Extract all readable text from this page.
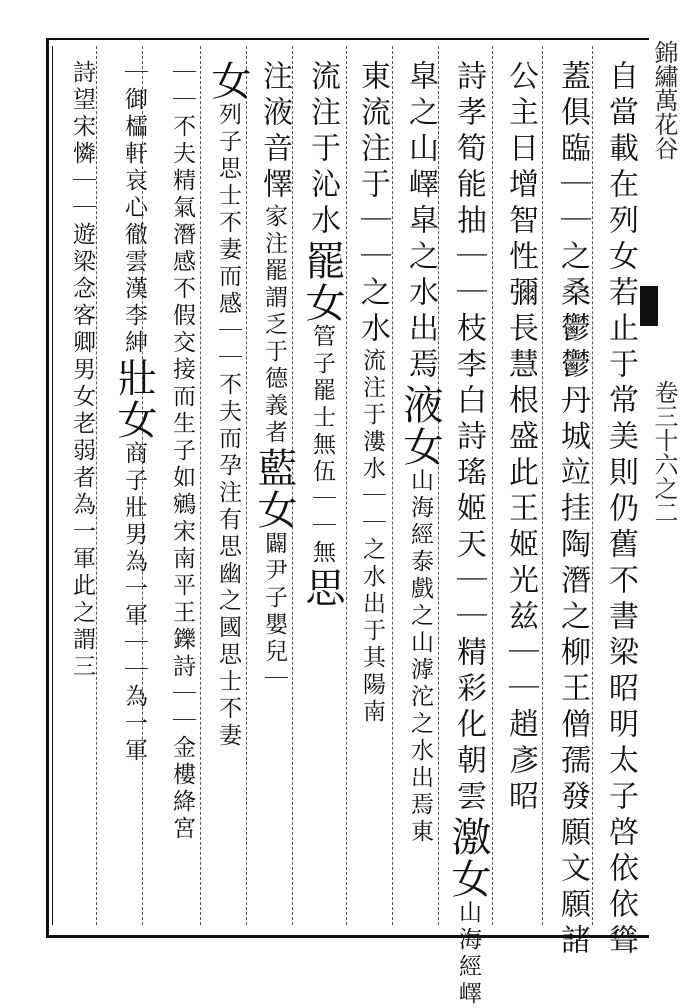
錦繡萬花谷
卷三十六之二
自當載在列女若止于常美則仍舊不書梁昭明太子啓依依聳
蓋俱臨｜｜之桑鬱鬱丹城竝挂陶潛之柳王僧孺發願文願諸
公主日增智性彌長慧根盛此王姬光兹｜｜趙彥昭
詩孝筍能抽｜｜枝李白詩瑤姬天｜｜精彩化朝雲激女山海經嶧
皐之山嶧皐之水出焉液女山海經泰戲之山滹沱之水出焉東
東流注于｜｜之水流注于漊水｜｜之水出于其陽南
流注于沁水罷女管子罷士無伍｜｜無思
注液音懌家注罷謂乏于德義者藍女闢尹子嬰兒｜
女列子思士不妻而感｜｜不夫而孕注有思幽之國思士不妻
｜｜不夫精氣潛感不假交接而生子如鵷宋南平王鑠詩｜｜金樓絳宮
｜御櫺軒哀心徹雲漢李紳壯女商子壯男為一軍｜｜為一軍
詩望宋憐｜｜遊梁念客卿男女老弱者為一軍此之謂三
